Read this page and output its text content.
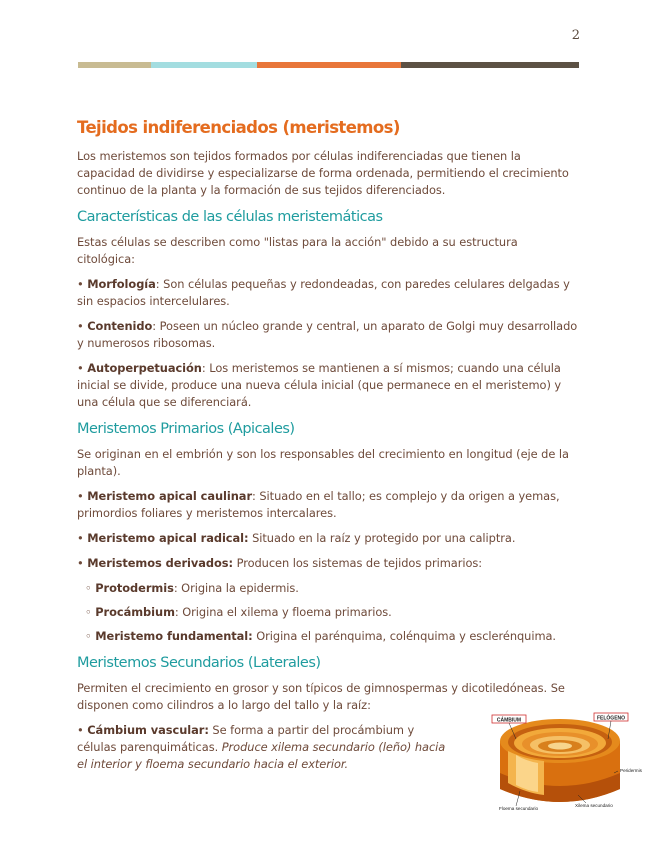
2
Tejidos indiferenciados (meristemos)

Los meristemos son tejidos formados por células indiferenciadas que tienen la capacidad de dividirse y especializarse de forma ordenada, permitiendo el crecimiento continuo de la planta y la formación de sus tejidos diferenciados.

Características de las células meristemáticas

Estas células se describen como "listas para la acción" debido a su estructura citológica:

• Morfología: Son células pequeñas y redondeadas, con paredes celulares delgadas y sin espacios intercelulares.

• Contenido: Poseen un núcleo grande y central, un aparato de Golgi muy desarrollado y numerosos ribosomas.

• Autoperpetuación: Los meristemos se mantienen a sí mismos; cuando una célula inicial se divide, produce una nueva célula inicial (que permanece en el meristemo) y una célula que se diferenciará.

Meristemos Primarios (Apicales)

Se originan en el embrión y son los responsables del crecimiento en longitud (eje de la planta).

• Meristemo apical caulinar: Situado en el tallo; es complejo y da origen a yemas, primordios foliares y meristemos intercalares.

• Meristemo apical radical: Situado en la raíz y protegido por una caliptra.

• Meristemos derivados: Producen los sistemas de tejidos primarios:

◦ Protodermis: Origina la epidermis.

◦ Procámbium: Origina el xilema y floema primarios.

◦ Meristemo fundamental: Origina el parénquima, colénquima y esclerénquima.

Meristemos Secundarios (Laterales)

Permiten el crecimiento en grosor y son típicos de gimnospermas y dicotiledóneas. Se disponen como cilindros a lo largo del tallo y la raíz:

• Cámbium vascular: Se forma a partir del procámbium y células parenquimáticas. Produce xilema secundario (leño) hacia el interior y floema secundario hacia el exterior.

CÁMBIUM	FELÓGENO
Peridermis
Floema secundario
Xilema secundario
